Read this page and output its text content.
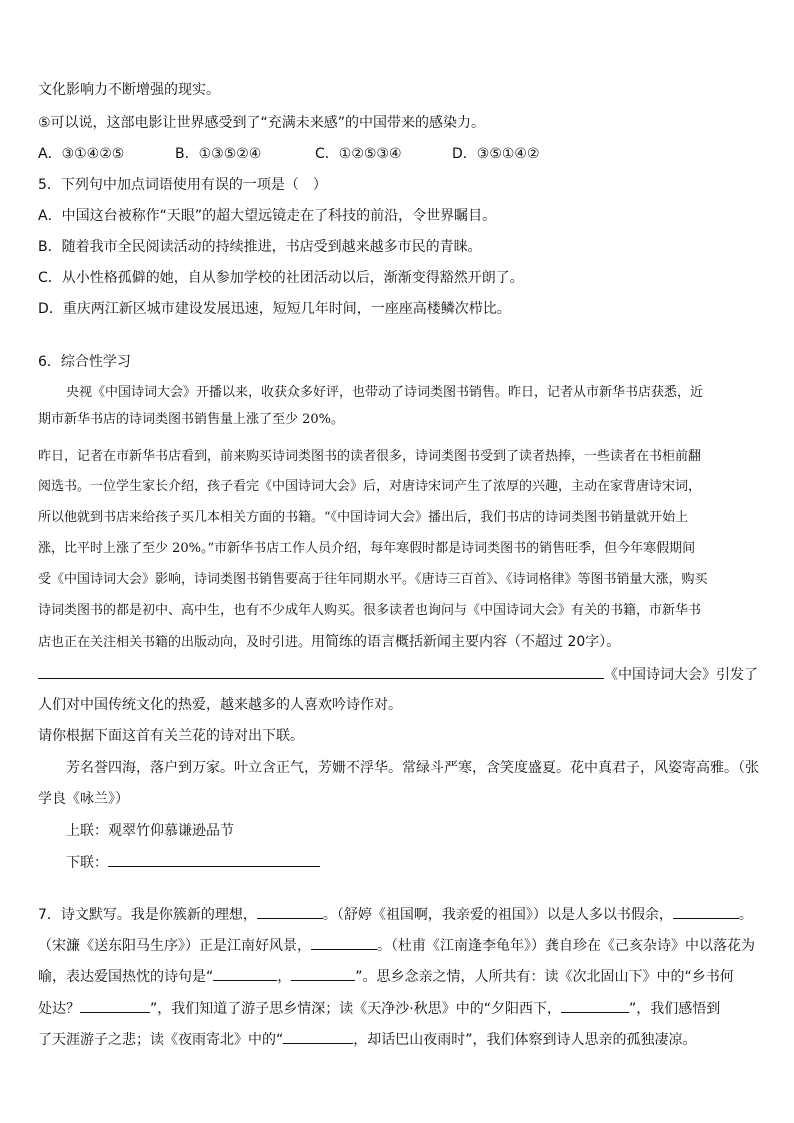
文化影响力不断增强的现实。
⑤可以说，这部电影让世界感受到了“充满未来感”的中国带来的感染力。
A．③①④②⑤	B．①③⑤②④	C．①②⑤③④	D．③⑤①④②
5．下列句中加点词语使用有误的一项是（　）
A．中国这台被称作“天眼”的超大望远镜走在了科技的前沿，令世界瞩目。
B．随着我市全民阅读活动的持续推进，书店受到越来越多市民的青睐。
C．从小性格孤僻的她，自从参加学校的社团活动以后，渐渐变得豁然开朗了。
D．重庆两江新区城市建设发展迅速，短短几年时间，一座座高楼鳞次栉比。
6．综合性学习
央视《中国诗词大会》开播以来，收获众多好评，也带动了诗词类图书销售。昨日，记者从市新华书店获悉，近
期市新华书店的诗词类图书销售量上涨了至少 20%。
昨日，记者在市新华书店看到，前来购买诗词类图书的读者很多，诗词类图书受到了读者热捧，一些读者在书柜前翻
阅选书。一位学生家长介绍，孩子看完《中国诗词大会》后，对唐诗宋词产生了浓厚的兴趣，主动在家背唐诗宋词，
所以他就到书店来给孩子买几本相关方面的书籍。“《中国诗词大会》播出后，我们书店的诗词类图书销量就开始上
涨，比平时上涨了至少 20%。”市新华书店工作人员介绍，每年寒假时都是诗词类图书的销售旺季，但今年寒假期间
受《中国诗词大会》影响，诗词类图书销售要高于往年同期水平。《唐诗三百首》、《诗词格律》等图书销量大涨，购买
诗词类图书的都是初中、高中生，也有不少成年人购买。很多读者也询问与《中国诗词大会》有关的书籍，市新华书
店也正在关注相关书籍的出版动向，及时引进。用简练的语言概括新闻主要内容（不超过 20字）。
《中国诗词大会》引发了
人们对中国传统文化的热爱，越来越多的人喜欢吟诗作对。
请你根据下面这首有关兰花的诗对出下联。
芳名誉四海，落户到万家。叶立含正气，芳姗不浮华。常绿斗严寒，含笑度盛夏。花中真君子，风姿寄高雅。（张
学良《咏兰》）
上联：观翠竹仰慕谦逊品节
下联：
7．诗文默写。我是你簇新的理想，	。（舒婷《祖国啊，我亲爱的祖国》）以是人多以书假余，	。
（宋濂《送东阳马生序》）正是江南好风景，	。（杜甫《江南逢李龟年》）龚自珍在《己亥杂诗》中以落花为
喻，表达爱国热忱的诗句是“	，	”。思乡念亲之情，人所共有：读《次北固山下》中的“乡书何
处达？	”，我们知道了游子思乡情深；读《天净沙·秋思》中的“夕阳西下，	”，我们感悟到
了天涯游子之悲；读《夜雨寄北》中的“	，却话巴山夜雨时”，我们体察到诗人思亲的孤独凄凉。
